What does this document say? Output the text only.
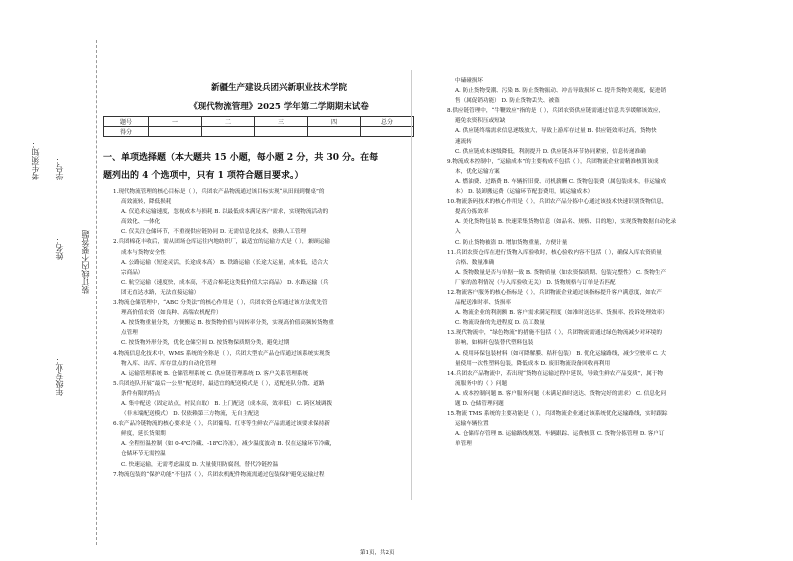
学号：
姓名：
年级专业：
考生须知：
装订线内不要答题
新疆生产建设兵团兴新职业技术学院
《现代物流管理》2025 学年第二学期期末试卷
题号	一	二	三	四	总分
得分					
一、单项选择题（本大题共 15 小题，每小题 2 分，共 30 分。在每
题列出的 4 个选项中，只有 1 项符合题目要求。）

1.现代物流管理的核心目标是（ ），兵团农产品物流通过该目标实现“从田间到餐桌”的

高效流转，降低损耗

A. 仅追求运输速度，忽视成本与损耗 B. 以最低成本满足客户需求，实现物流活动的

高效化、一体化

C. 仅关注仓储环节，不重视供应链协同 D. 无需信息化技术，依赖人工管理

2.兵团棉花丰收后，需从团场仓库运往内地纺织厂，最适宜的运输方式是（ ），兼顾运输

成本与货物安全性

A. 公路运输（短途灵活，长途成本高） B. 铁路运输（长途大运量，成本低，适合大

宗商品）

C. 航空运输（速度快，成本高，不适合棉花这类低价值大宗商品） D. 水路运输（兵

团无直达水路，无法直接运输）

3.物流仓储管理中，“ABC 分类法”的核心作用是（ ），兵团农资仓库通过该方法优先管

理高价值农资（如良种、高端农机配件）

A. 按货物重量分类，方便搬运 B. 按货物价值与周转率分类，实现高价值高频转货物重

点管理

C. 按货物外形分类，优化仓储空间 D. 按货物保质期分类，避免过期

4.物流信息化技术中，WMS 系统的全称是（ ），兵团大型农产品仓库通过该系统实现货

物入库、出库、库存盘点的自动化管理

A. 运输管理系统 B. 仓储管理系统 C. 供应链管理系统 D. 客户关系管理系统

5.兵团连队开展“最后一公里”配送时，最适宜的配送模式是（ ），适配连队分散、道路

条件有限的特点

A. 集中配送（固定站点，村民自取） B. 上门配送（成本高，效率低） C. 跨区域调拨

（非末端配送模式） D. 仅依赖第三方物流，无自主配送

6.农产品冷链物流的核心要求是（ ），兵团葡萄、红枣等生鲜农产品需通过该要求保持新

鲜度，延长货架期

A. 全程恒温控制（如 0-4℃冷藏、-18℃冷冻），减少温度波动 B. 仅在运输环节冷藏，

仓储环节无需控温

C. 快速运输，无需考虑温度 D. 大量使用防腐剂，替代冷链控温

7.物流包装的“保护功能”不包括（ ），兵团农机配件物流需通过包装保护避免运输过程

中磕碰损坏

A. 防止货物受潮、污染 B. 防止货物振动、冲击导致损坏 C. 提升货物美观度，促进销

售（属促销功能） D. 防止货物丢失、被盗

8.供应链管理中，“牛鞭效应”指的是（ ），兵团农资供应链需通过信息共享缓解该效应，

避免农资积压或短缺

A. 供应链终端需求信息逐级放大，导致上游库存过量 B. 供应链效率过高，货物快

速流转

C. 供应链成本逐级降低，利润提升 D. 供应链各环节协同紧密，信息传递准确

9.物流成本控制中，“运输成本”的主要构成不包括（ ），兵团物流企业需精准核算该成

本，优化运输方案

A. 燃油费、过路费 B. 车辆折旧费、司机薪酬 C. 货物包装费（属包装成本，非运输成

本） D. 装卸搬运费（运输环节配套费用，属运输成本）

10.物流条码技术的核心作用是（ ），兵团农产品分拣中心通过该技术快速识别货物信息，

提高分拣效率

A. 美化货物包装 B. 快速采集货物信息（如品名、规格、目的地），实现货物数据自动化录

入

C. 防止货物被盗 D. 增加货物重量，方便计量

11.兵团农资仓库在进行货物入库验收时，核心验收内容不包括（ ），确保入库农资质量

合格、数量准确

A. 货物数量是否与单据一致 B. 货物质量（如农资保质期、包装完整性） C. 货物生产

厂家的盈利情况（与入库验收无关） D. 货物规格与订单是否匹配

12.物流客户服务的核心指标是（ ），兵团物流企业通过该指标提升客户满意度，如农产

品配送准时率、货损率

A. 物流企业的利润额 B. 客户需求满足程度（如准时送达率、货损率、投诉处理效率）

C. 物流设备的先进程度 D. 员工数量

13.现代物流中，“绿色物流”的措施不包括（ ），兵团物流需通过绿色物流减少对环境的

影响，如棉秆包装替代塑料包装

A. 使用环保包装材料（如可降解膜、秸秆包装） B. 优化运输路线，减少空驶率 C. 大

量使用一次性塑料包装，降低成本 D. 废旧物流设备回收再利用

14.兵团农产品物流中，若出现“货物在运输过程中延误，导致生鲜农产品变质”，属于物

流服务中的（ ）问题

A. 成本控制问题 B. 客户服务问题（未满足准时送达、货物完好的需求） C. 信息化问

题 D. 仓储管理问题

15.物流 TMS 系统的主要功能是（ ），兵团物流企业通过该系统优化运输路线，实时跟踪

运输车辆位置

A. 仓储库存管理 B. 运输路线规划、车辆跟踪、运费核算 C. 货物分拣管理 D. 客户订

单管理

第1页，共2页
